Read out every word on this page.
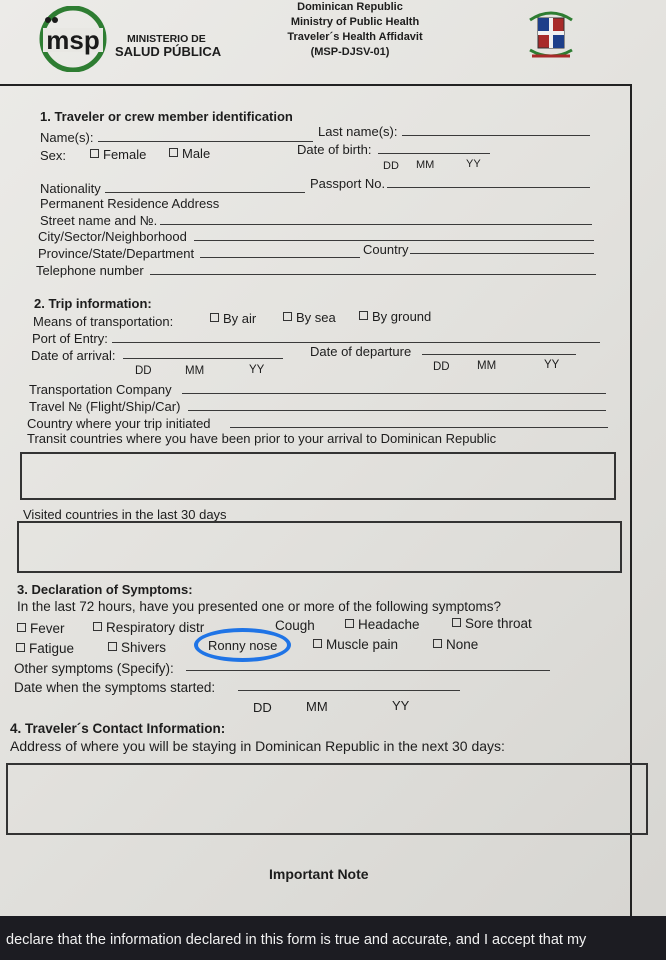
msp	MINISTERIO DE
SALUD PÚBLICA
Dominican Republic
Ministry of Public Health
Traveler´s Health Affidavit
(MSP-DJSV-01)
1. Traveler or crew member identification
Name(s):	Last name(s):
Sex:	Female	Male	Date of birth:
DD MM	YY
Nationality	Passport No.
Permanent Residence Address
Street name and №.
City/Sector/Neighborhood
Province/State/Department	Country
Telephone number
2. Trip information:
Means of transportation:	By air	By sea	By ground
Port of Entry:
Date of arrival:
DD	MM	YY
Date of departure
DD MM	YY
Transportation Company
Travel № (Flight/Ship/Car)
Country where your trip initiated
Transit countries where you have been prior to your arrival to Dominican Republic
Visited countries in the last 30 days
3. Declaration of Symptoms:
In the last 72 hours, have you presented one or more of the following symptoms?
Fever	Respiratory distr	Cough	Headache	Sore throat
Fatigue	Shivers	Ronny nose	Muscle pain	None
Other symptoms (Specify):
Date when the symptoms started:
DD	MM	YY
4. Traveler´s Contact Information:
Address of where you will be staying in Dominican Republic in the next 30 days:
Important Note
declare that the information declared in this form is true and accurate, and I accept that my
